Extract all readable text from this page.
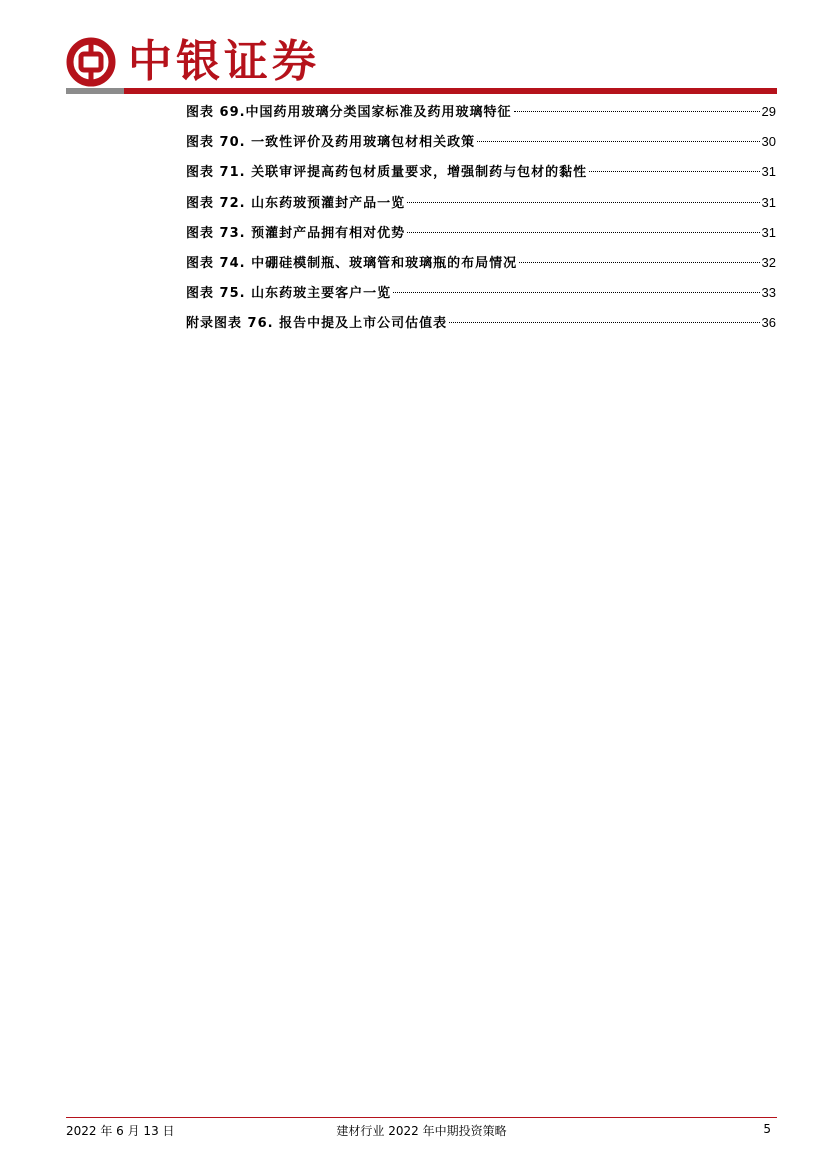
中银证券
图表 69.中国药用玻璃分类国家标准及药用玻璃特征	29
图表 70. 一致性评价及药用玻璃包材相关政策	30
图表 71. 关联审评提高药包材质量要求，增强制药与包材的黏性	31
图表 72. 山东药玻预灌封产品一览	31
图表 73. 预灌封产品拥有相对优势	31
图表 74. 中硼硅模制瓶、玻璃管和玻璃瓶的布局情况	32
图表 75. 山东药玻主要客户一览	33
附录图表 76. 报告中提及上市公司估值表	36
2022 年 6 月 13 日	建材行业 2022 年中期投资策略	5
